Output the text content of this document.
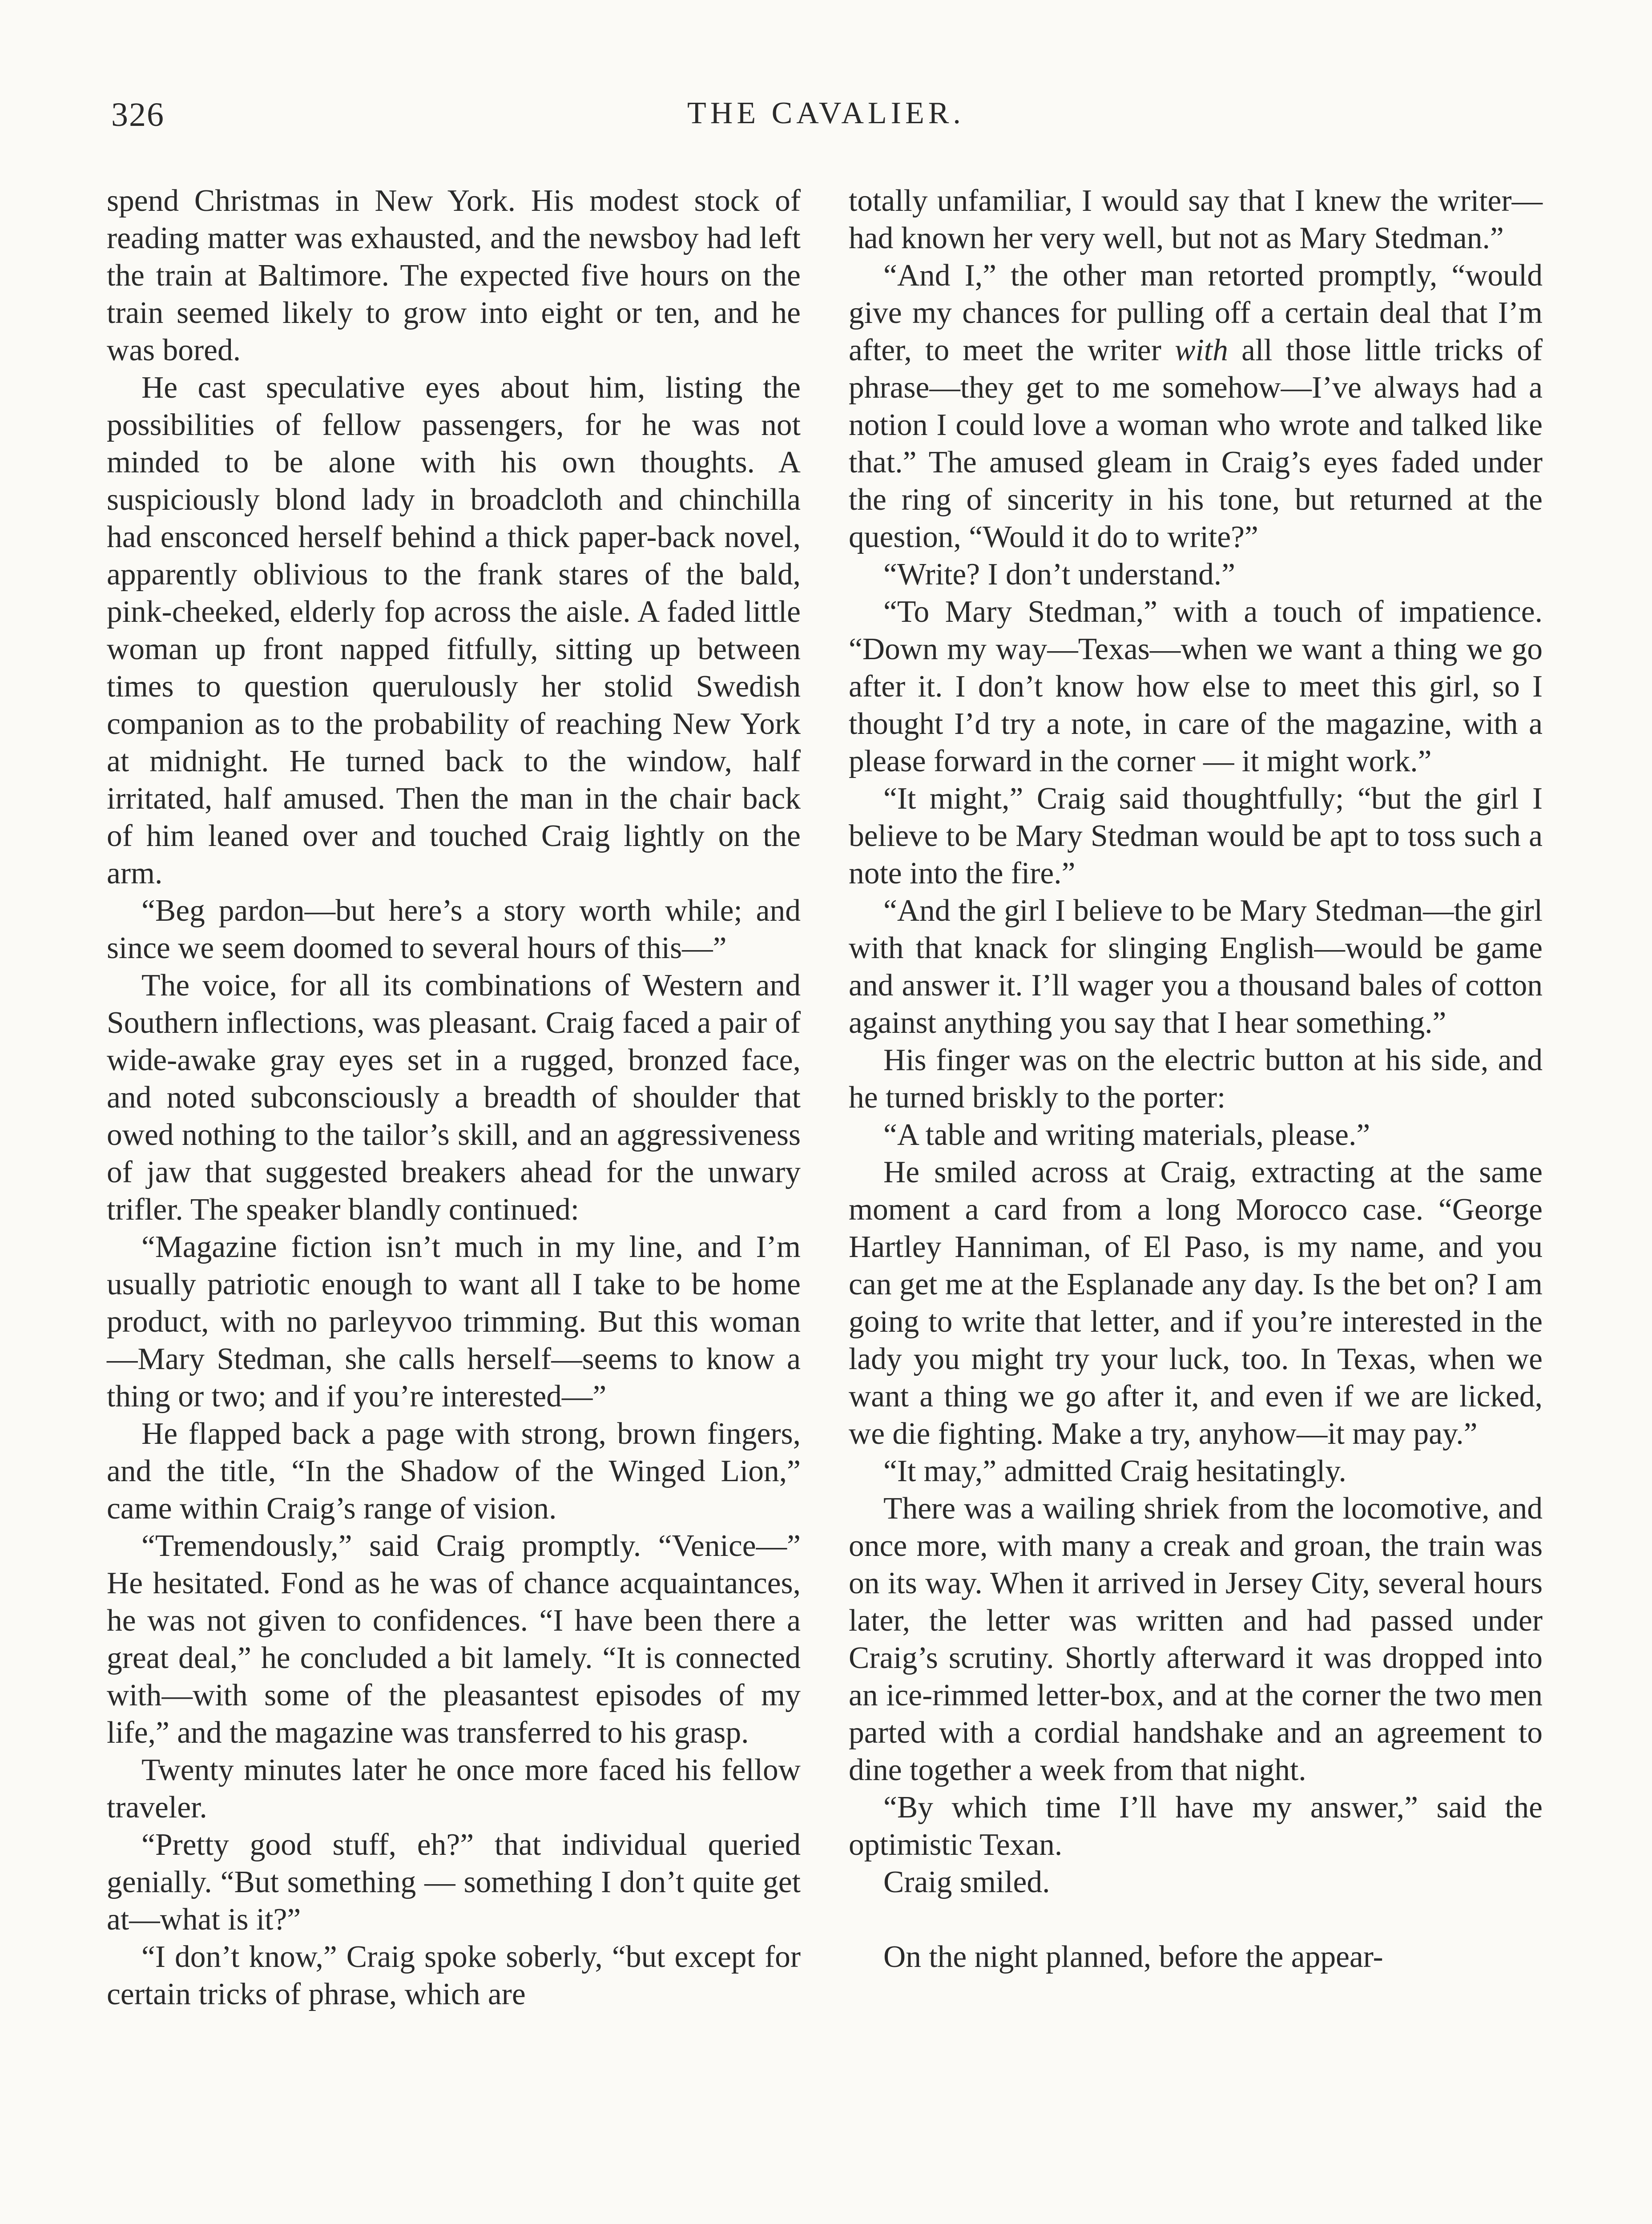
326	THE CAVALIER.

spend Christmas in New York. His modest stock of reading matter was exhausted, and the newsboy had left the train at Baltimore. The expected five hours on the train seemed likely to grow into eight or ten, and he was bored.

He cast speculative eyes about him, listing the possibilities of fellow passengers, for he was not minded to be alone with his own thoughts. A suspiciously blond lady in broadcloth and chinchilla had ensconced herself behind a thick paper-back novel, apparently oblivious to the frank stares of the bald, pink-cheeked, elderly fop across the aisle. A faded little woman up front napped fitfully, sitting up between times to question querulously her stolid Swedish companion as to the probability of reaching New York at midnight. He turned back to the window, half irritated, half amused. Then the man in the chair back of him leaned over and touched Craig lightly on the arm.

“Beg pardon—but here’s a story worth while; and since we seem doomed to several hours of this—”

The voice, for all its combinations of Western and Southern inflections, was pleasant. Craig faced a pair of wide-awake gray eyes set in a rugged, bronzed face, and noted subconsciously a breadth of shoulder that owed nothing to the tailor’s skill, and an aggressiveness of jaw that suggested breakers ahead for the unwary trifler. The speaker blandly continued:

“Magazine fiction isn’t much in my line, and I’m usually patriotic enough to want all I take to be home product, with no parleyvoo trimming. But this woman—Mary Stedman, she calls herself—seems to know a thing or two; and if you’re interested—”

He flapped back a page with strong, brown fingers, and the title, “In the Shadow of the Winged Lion,” came within Craig’s range of vision.

“Tremendously,” said Craig promptly. “Venice—” He hesitated. Fond as he was of chance acquaintances, he was not given to confidences. “I have been there a great deal,” he concluded a bit lamely. “It is connected with—with some of the pleasantest episodes of my life,” and the magazine was transferred to his grasp.

Twenty minutes later he once more faced his fellow traveler.

“Pretty good stuff, eh?” that individual queried genially. “But something — something I don’t quite get at—what is it?”

“I don’t know,” Craig spoke soberly, “but except for certain tricks of phrase, which are

totally unfamiliar, I would say that I knew the writer—had known her very well, but not as Mary Stedman.”

“And I,” the other man retorted promptly, “would give my chances for pulling off a certain deal that I’m after, to meet the writer with all those little tricks of phrase—they get to me somehow—I’ve always had a notion I could love a woman who wrote and talked like that.” The amused gleam in Craig’s eyes faded under the ring of sincerity in his tone, but returned at the question, “Would it do to write?”

“Write? I don’t understand.”

“To Mary Stedman,” with a touch of impatience. “Down my way—Texas—when we want a thing we go after it. I don’t know how else to meet this girl, so I thought I’d try a note, in care of the magazine, with a please forward in the corner — it might work.”

“It might,” Craig said thoughtfully; “but the girl I believe to be Mary Stedman would be apt to toss such a note into the fire.”

“And the girl I believe to be Mary Stedman—the girl with that knack for slinging English—would be game and answer it. I’ll wager you a thousand bales of cotton against anything you say that I hear something.”

His finger was on the electric button at his side, and he turned briskly to the porter:

“A table and writing materials, please.”

He smiled across at Craig, extracting at the same moment a card from a long Morocco case. “George Hartley Hanniman, of El Paso, is my name, and you can get me at the Esplanade any day. Is the bet on? I am going to write that letter, and if you’re interested in the lady you might try your luck, too. In Texas, when we want a thing we go after it, and even if we are licked, we die fighting. Make a try, anyhow—it may pay.”

“It may,” admitted Craig hesitatingly.

There was a wailing shriek from the locomotive, and once more, with many a creak and groan, the train was on its way. When it arrived in Jersey City, several hours later, the letter was written and had passed under Craig’s scrutiny. Shortly afterward it was dropped into an ice-rimmed letter-box, and at the corner the two men parted with a cordial handshake and an agreement to dine together a week from that night.

“By which time I’ll have my answer,” said the optimistic Texan.

Craig smiled.

On the night planned, before the appear-
